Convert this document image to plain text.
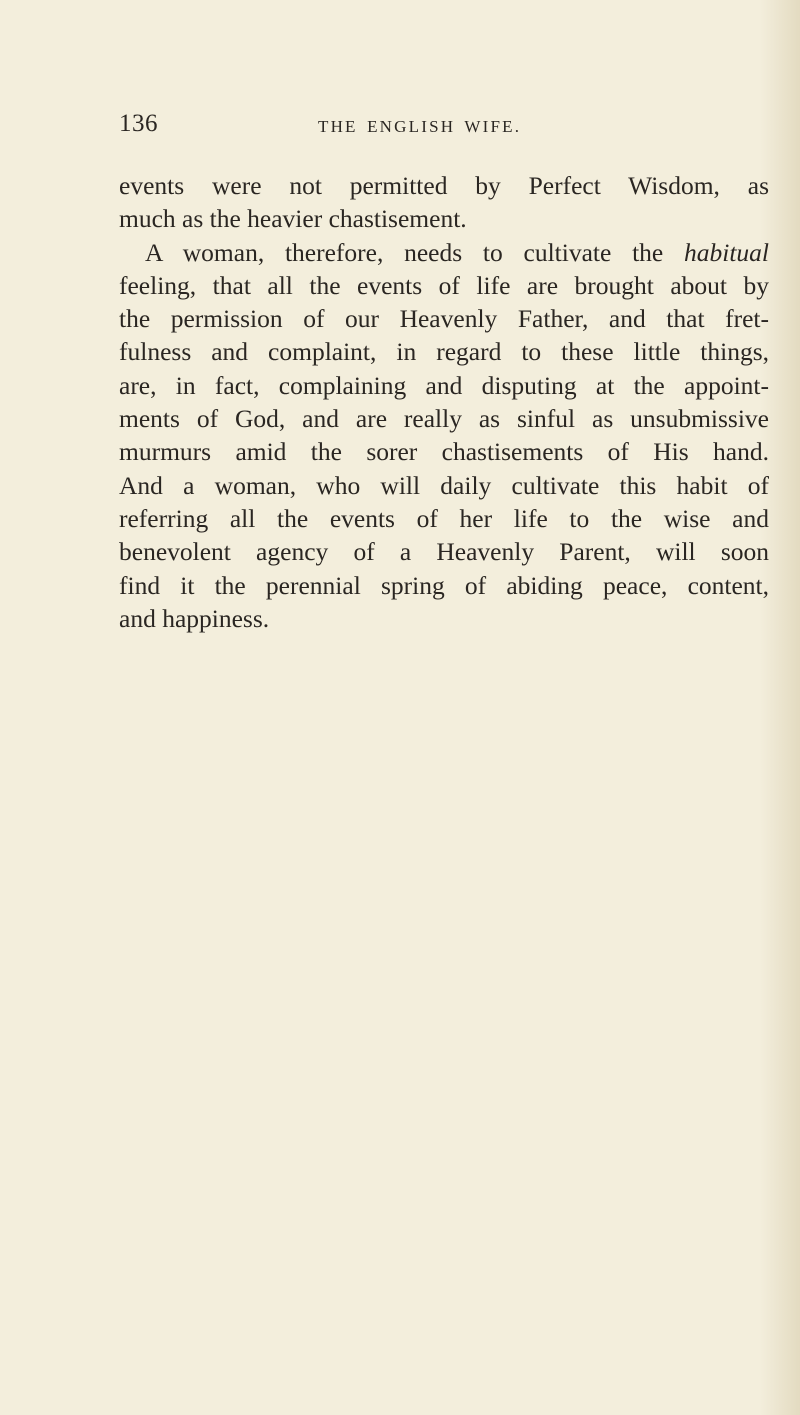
136	THE ENGLISH WIFE.
events were not permitted by Perfect Wisdom, as
much as the heavier chastisement.
A woman, therefore, needs to cultivate the habitual
feeling, that all the events of life are brought about by
the permission of our Heavenly Father, and that fret-
fulness and complaint, in regard to these little things,
are, in fact, complaining and disputing at the appoint-
ments of God, and are really as sinful as unsubmissive
murmurs amid the sorer chastisements of His hand.
And a woman, who will daily cultivate this habit of
referring all the events of her life to the wise and
benevolent agency of a Heavenly Parent, will soon
find it the perennial spring of abiding peace, content,
and happiness.
